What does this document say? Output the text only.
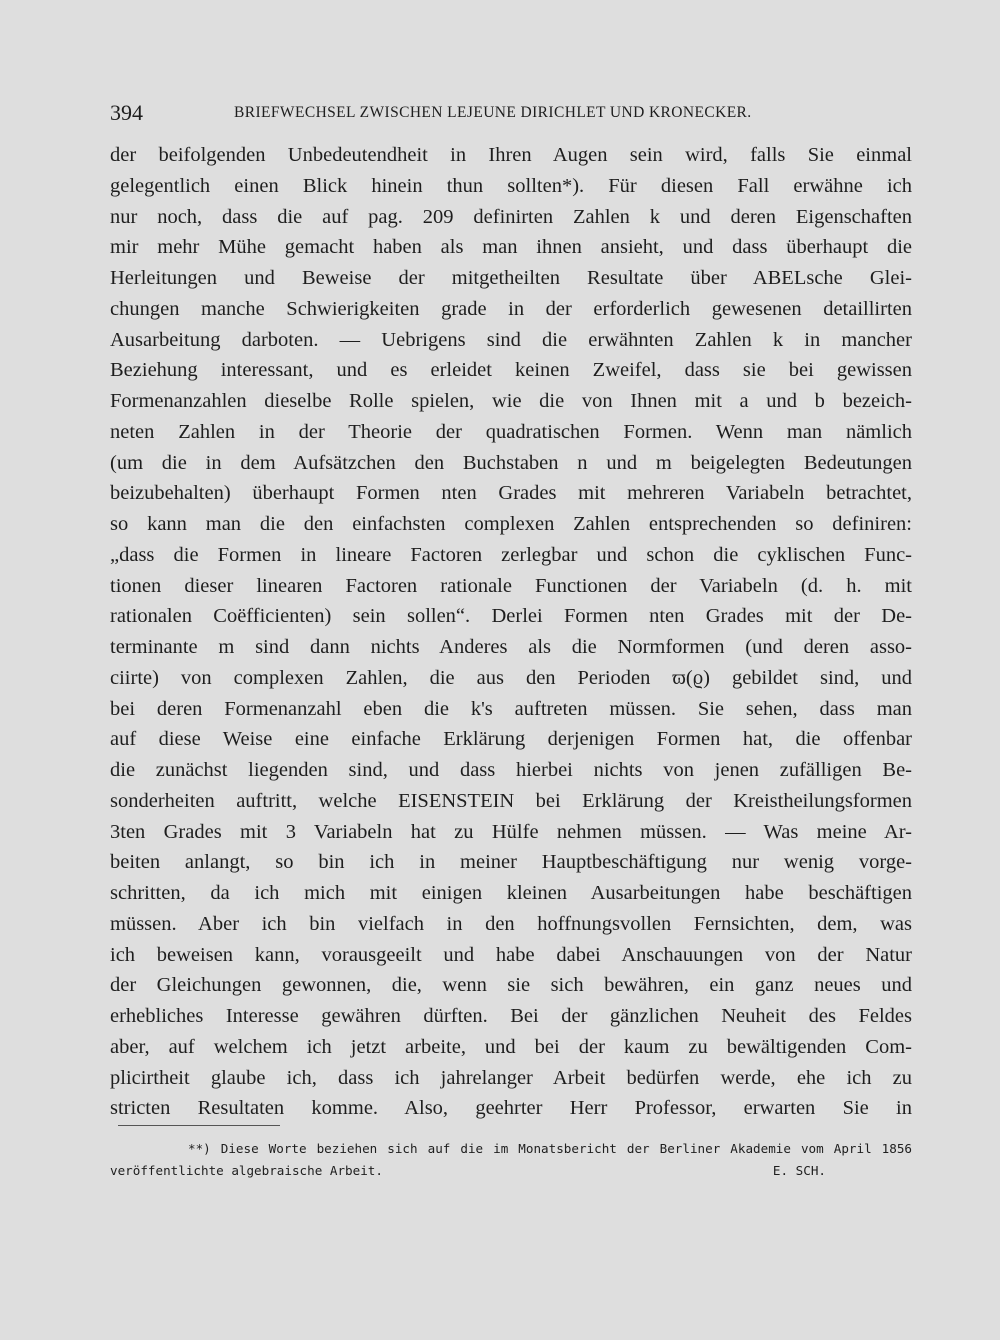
394	BRIEFWECHSEL ZWISCHEN LEJEUNE DIRICHLET UND KRONECKER.
der beifolgenden Unbedeutendheit in Ihren Augen sein wird, falls Sie einmal
gelegentlich einen Blick hinein thun sollten*). Für diesen Fall erwähne ich
nur noch, dass die auf pag. 209 definirten Zahlen k und deren Eigenschaften
mir mehr Mühe gemacht haben als man ihnen ansieht, und dass überhaupt die
Herleitungen und Beweise der mitgetheilten Resultate über ABELsche Glei-
chungen manche Schwierigkeiten grade in der erforderlich gewesenen detaillirten
Ausarbeitung darboten. — Uebrigens sind die erwähnten Zahlen k in mancher
Beziehung interessant, und es erleidet keinen Zweifel, dass sie bei gewissen
Formenanzahlen dieselbe Rolle spielen, wie die von Ihnen mit a und b bezeich-
neten Zahlen in der Theorie der quadratischen Formen. Wenn man nämlich
(um die in dem Aufsätzchen den Buchstaben n und m beigelegten Bedeutungen
beizubehalten) überhaupt Formen nten Grades mit mehreren Variabeln betrachtet,
so kann man die den einfachsten complexen Zahlen entsprechenden so definiren:
„dass die Formen in lineare Factoren zerlegbar und schon die cyklischen Func-
tionen dieser linearen Factoren rationale Functionen der Variabeln (d. h. mit
rationalen Coëfficienten) sein sollen“. Derlei Formen nten Grades mit der De-
terminante m sind dann nichts Anderes als die Normformen (und deren asso-
ciirte) von complexen Zahlen, die aus den Perioden ϖ(ϱ) gebildet sind, und
bei deren Formenanzahl eben die k's auftreten müssen. Sie sehen, dass man
auf diese Weise eine einfache Erklärung derjenigen Formen hat, die offenbar
die zunächst liegenden sind, und dass hierbei nichts von jenen zufälligen Be-
sonderheiten auftritt, welche EISENSTEIN bei Erklärung der Kreistheilungsformen
3ten Grades mit 3 Variabeln hat zu Hülfe nehmen müssen. — Was meine Ar-
beiten anlangt, so bin ich in meiner Hauptbeschäftigung nur wenig vorge-
schritten, da ich mich mit einigen kleinen Ausarbeitungen habe beschäftigen
müssen. Aber ich bin vielfach in den hoffnungsvollen Fernsichten, dem, was
ich beweisen kann, vorausgeeilt und habe dabei Anschauungen von der Natur
der Gleichungen gewonnen, die, wenn sie sich bewähren, ein ganz neues und
erhebliches Interesse gewähren dürften. Bei der gänzlichen Neuheit des Feldes
aber, auf welchem ich jetzt arbeite, und bei der kaum zu bewältigenden Com-
plicirtheit glaube ich, dass ich jahrelanger Arbeit bedürfen werde, ehe ich zu
stricten Resultaten komme. Also, geehrter Herr Professor, erwarten Sie in
**) Diese Worte beziehen sich auf die im Monatsbericht der Berliner Akademie vom April 1856
veröffentlichte algebraische Arbeit.	E. SCH.
